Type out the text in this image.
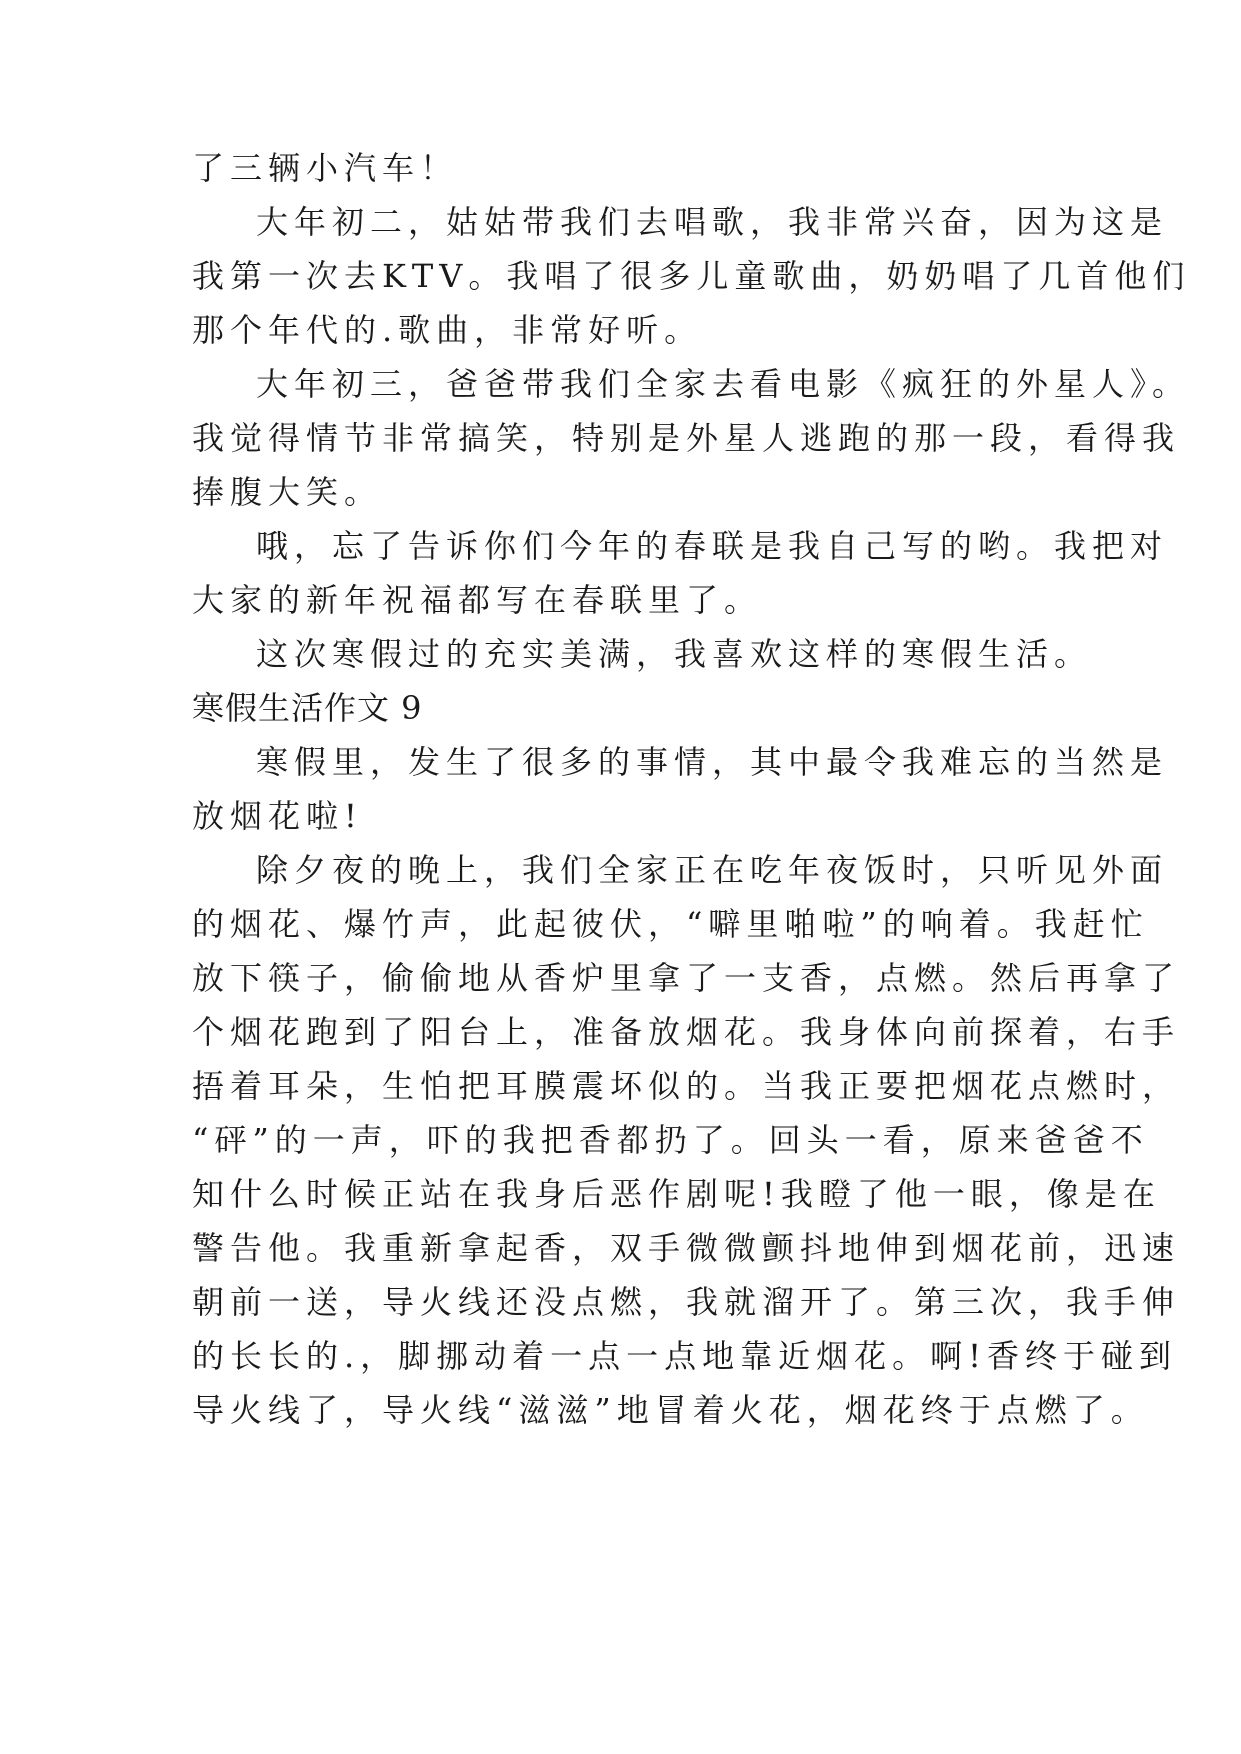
了三辆小汽车！
大年初二，姑姑带我们去唱歌，我非常兴奋，因为这是
我第一次去KTV。我唱了很多儿童歌曲，奶奶唱了几首他们
那个年代的.歌曲，非常好听。
大年初三，爸爸带我们全家去看电影《疯狂的外星人》。
我觉得情节非常搞笑，特别是外星人逃跑的那一段，看得我
捧腹大笑。
哦，忘了告诉你们今年的春联是我自己写的哟。我把对
大家的新年祝福都写在春联里了。
这次寒假过的充实美满，我喜欢这样的寒假生活。
寒假生活作文 9
寒假里，发生了很多的事情，其中最令我难忘的当然是
放烟花啦!
除夕夜的晚上，我们全家正在吃年夜饭时，只听见外面
的烟花、爆竹声，此起彼伏，“噼里啪啦”的响着。我赶忙
放下筷子，偷偷地从香炉里拿了一支香，点燃。然后再拿了
个烟花跑到了阳台上，准备放烟花。我身体向前探着，右手
捂着耳朵，生怕把耳膜震坏似的。当我正要把烟花点燃时，
“砰”的一声，吓的我把香都扔了。回头一看，原来爸爸不
知什么时候正站在我身后恶作剧呢!我瞪了他一眼，像是在
警告他。我重新拿起香，双手微微颤抖地伸到烟花前，迅速
朝前一送，导火线还没点燃，我就溜开了。第三次，我手伸
的长长的.，脚挪动着一点一点地靠近烟花。啊!香终于碰到
导火线了，导火线“滋滋”地冒着火花，烟花终于点燃了。
